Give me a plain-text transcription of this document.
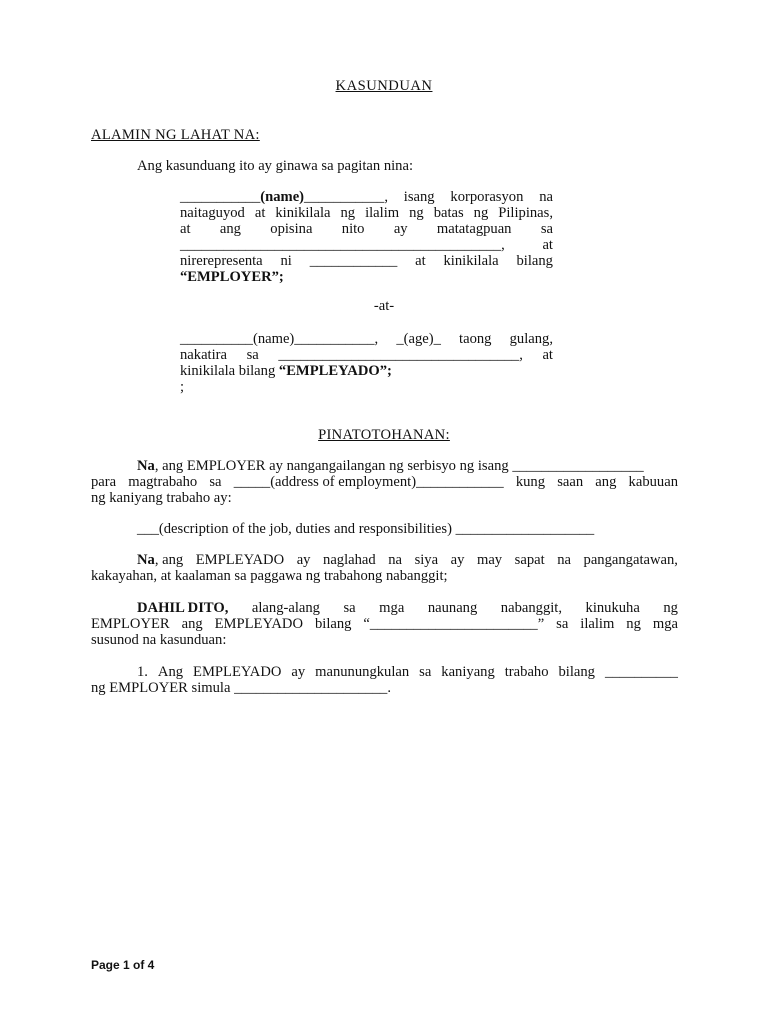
KASUNDUAN
ALAMIN NG LAHAT NA:
Ang kasunduang ito ay ginawa sa pagitan nina:
___________(name)___________, isang korporasyon na
naitaguyod at kinikilala ng ilalim ng batas ng Pilipinas,
at ang opisina nito ay matatagpuan sa
____________________________________________,	at
nirerepresenta ni ____________ at kinikilala bilang
“EMPLOYER”;
-at-
__________(name)___________, _(age)_ taong gulang,
nakatira sa _________________________________, at
kinikilala bilang “EMPLEYADO”;
;
PINATOTOHANAN:
Na , ang EMPLOYER ay nangangailangan ng serbisyo ng isang __________________
para magtrabaho sa _____(address of employment)____________ kung saan ang kabuuan
ng kaniyang trabaho ay:
___(description of the job, duties and responsibilities) ___________________
Na, ang EMPLEYADO ay naglahad na siya ay may sapat na pangangatawan,
kakayahan, at kaalaman sa paggawa ng trabahong nabanggit;
DAHIL DITO, alang-alang sa mga naunang nabanggit, kinukuha ng
EMPLOYER ang EMPLEYADO bilang “_______________________” sa ilalim ng mga
susunod na kasunduan:
1. Ang EMPLEYADO ay manunungkulan sa kaniyang trabaho bilang __________
ng EMPLOYER simula _____________________.
Page 1 of 4
